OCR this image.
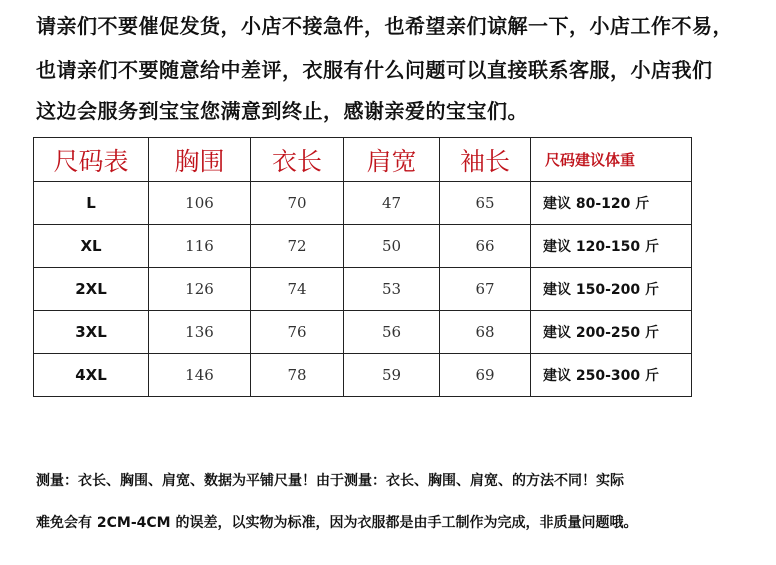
请亲们不要催促发货，小店不接急件，也希望亲们谅解一下，小店工作不易，
也请亲们不要随意给中差评，衣服有什么问题可以直接联系客服，小店我们
这边会服务到宝宝您满意到终止，感谢亲爱的宝宝们。
尺码表	胸围	衣长	肩宽	袖长	尺码建议体重
L	106	70	47	65	建议 80-120 斤
XL	116	72	50	66	建议 120-150 斤
2XL	126	74	53	67	建议 150-200 斤
3XL	136	76	56	68	建议 200-250 斤
4XL	146	78	59	69	建议 250-300 斤
测量：衣长、胸围、肩宽、数据为平铺尺量！由于测量：衣长、胸围、肩宽、的方法不同！实际
难免会有 2CM-4CM 的误差，以实物为标准，因为衣服都是由手工制作为完成，非质量问题哦。
